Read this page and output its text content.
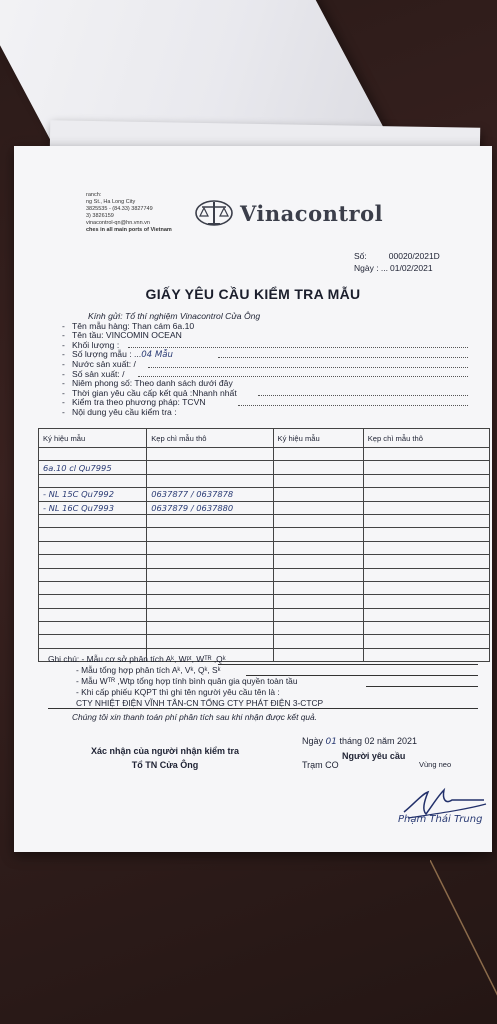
ranch:
ng St., Ha Long City
3825535 - (84.33) 3827749
3) 3826159
vinacontrol-qn@hn.vnn.vn
ches in all main ports of Vietnam
Vinacontrol
Số:	00020/2021D
Ngày : ... 01/02/2021
GIẤY YÊU CẦU KIỂM TRA MẪU
Kính gửi: Tổ thí nghiệm Vinacontrol Cửa Ông
- Tên mẫu hàng: Than cám 6a.10
- Tên tầu: VINCOMIN OCEAN
- Khối lượng :
- Số lượng mẫu : ...04 Mẫu
- Nước sản xuất: /
- Số sản xuất: /
- Niêm phong số: Theo danh sách dưới đây
- Thời gian yêu cầu cấp kết quả :Nhanh nhất
- Kiểm tra theo phương pháp: TCVN
- Nội dung yêu cầu kiểm tra :
Ký hiệu mẫu	Kẹp chì mẫu thô	Ký hiệu mẫu	Kẹp chì mẫu thô

6a.10 cl Qu7995			

- NL 15C Qu7992	0637877 / 0637878		
- NL 16C Qu7993	0637879 / 0637880		

Ghi chú: - Mẫu cơ sở phân tích Aᵏ, Wᵖᵗ, Wᵀᴿ ,Qᵏ
- Mẫu tổng hợp phân tích Aᵏ, Vᵏ, Qᵏ, Sᵏ
- Mẫu Wᵀᴿ ,Wtp tổng hợp tính bình quân gia quyền toàn tầu
- Khi cấp phiếu KQPT thì ghi tên người yêu cầu tên là :
CTY NHIỆT ĐIỆN VĨNH TÂN-CN TỔNG CTY PHÁT ĐIỆN 3-CTCP
Chúng tôi xin thanh toán phí phân tích sau khi nhận được kết quả.
Xác nhận của người nhận kiểm tra
Tổ TN Cửa Ông
Ngày 01 tháng 02 năm 2021
Người yêu cầu
Trạm CO	Vùng neo
Phạm Thái Trung
